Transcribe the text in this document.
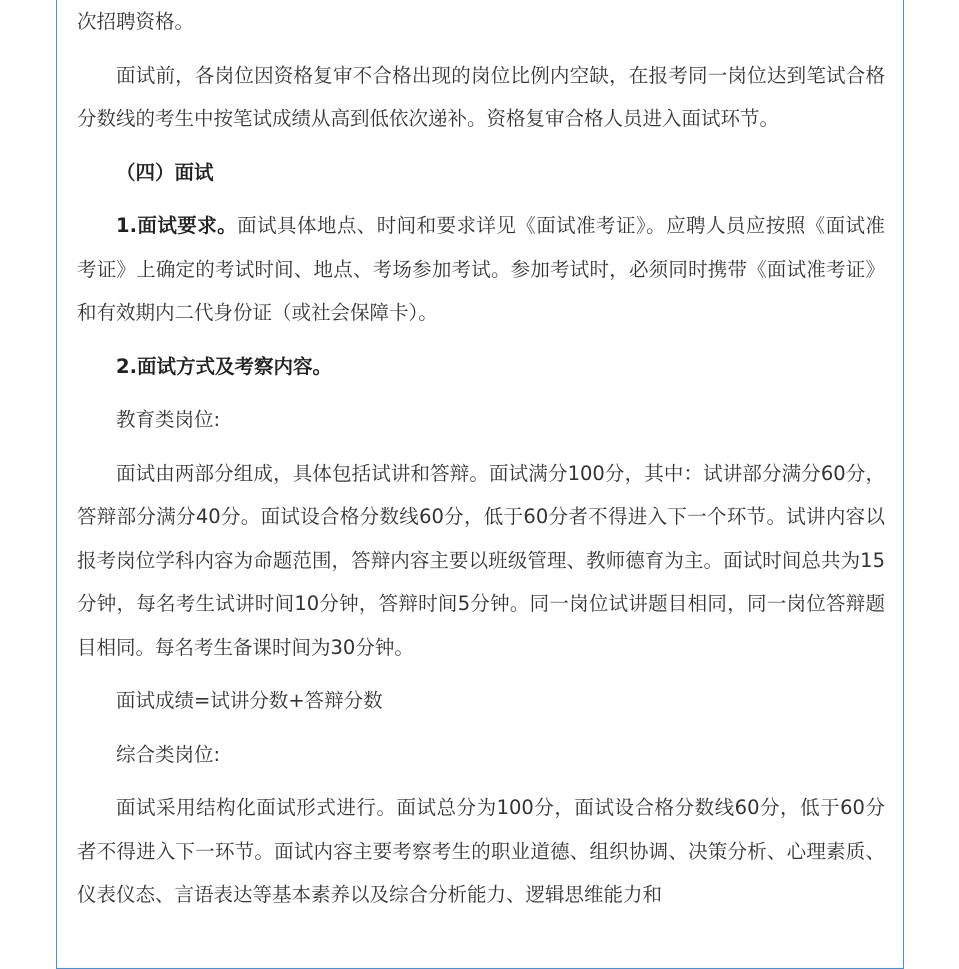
次招聘资格。

面试前，各岗位因资格复审不合格出现的岗位比例内空缺，在报考同一岗位达到笔试合格分数线的考生中按笔试成绩从高到低依次递补。资格复审合格人员进入面试环节。

（四）面试

1.面试要求。面试具体地点、时间和要求详见《面试准考证》。应聘人员应按照《面试准考证》上确定的考试时间、地点、考场参加考试。参加考试时，必须同时携带《面试准考证》和有效期内二代身份证（或社会保障卡）。

2.面试方式及考察内容。

教育类岗位:

面试由两部分组成，具体包括试讲和答辩。面试满分100分，其中：试讲部分满分60分，答辩部分满分40分。面试设合格分数线60分，低于60分者不得进入下一个环节。试讲内容以报考岗位学科内容为命题范围，答辩内容主要以班级管理、教师德育为主。面试时间总共为15分钟，每名考生试讲时间10分钟，答辩时间5分钟。同一岗位试讲题目相同，同一岗位答辩题目相同。每名考生备课时间为30分钟。

面试成绩=试讲分数+答辩分数

综合类岗位:

面试采用结构化面试形式进行。面试总分为100分，面试设合格分数线60分，低于60分者不得进入下一环节。面试内容主要考察考生的职业道德、组织协调、决策分析、心理素质、仪表仪态、言语表达等基本素养以及综合分析能力、逻辑思维能力和
